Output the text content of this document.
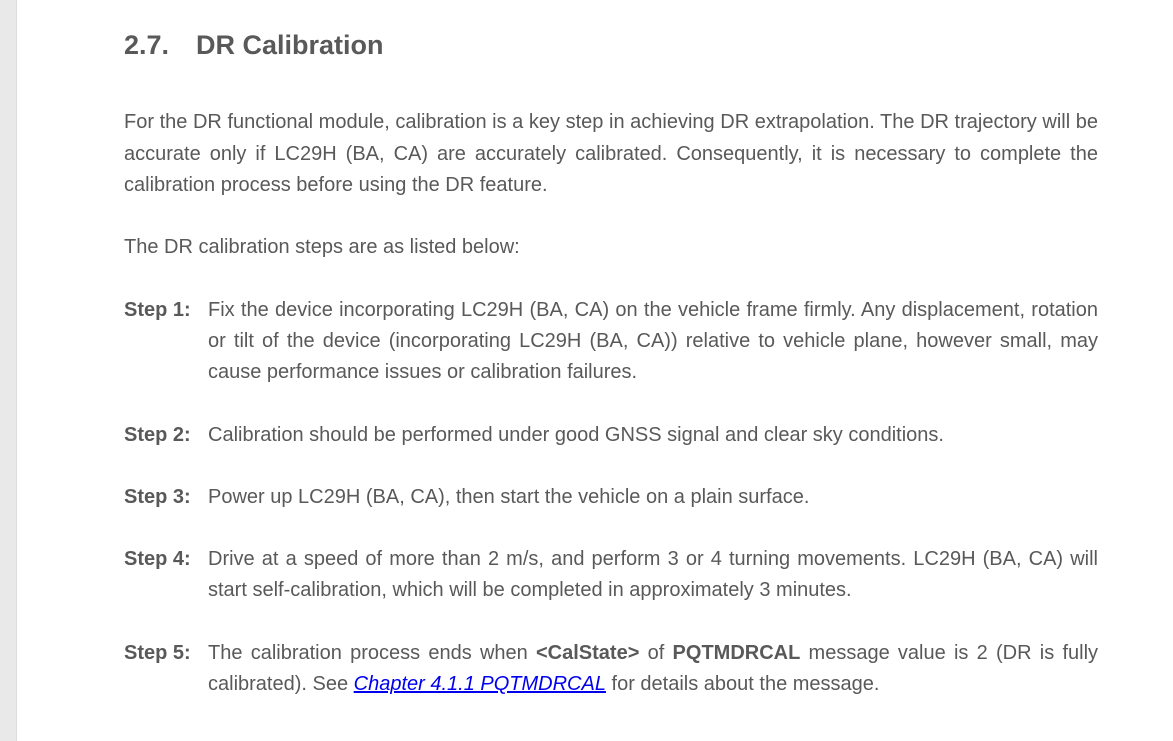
2.7. DR Calibration

For the DR functional module, calibration is a key step in achieving DR extrapolation. The DR trajectory will be accurate only if LC29H (BA, CA) are accurately calibrated. Consequently, it is necessary to complete the calibration process before using the DR feature.

The DR calibration steps are as listed below:

Step 1: Fix the device incorporating LC29H (BA, CA) on the vehicle frame firmly. Any displacement, rotation or tilt of the device (incorporating LC29H (BA, CA)) relative to vehicle plane, however small, may cause performance issues or calibration failures.
Step 2: Calibration should be performed under good GNSS signal and clear sky conditions.
Step 3: Power up LC29H (BA, CA), then start the vehicle on a plain surface.
Step 4: Drive at a speed of more than 2 m/s, and perform 3 or 4 turning movements. LC29H (BA, CA) will start self-calibration, which will be completed in approximately 3 minutes.
Step 5: The calibration process ends when <CalState> of PQTMDRCAL message value is 2 (DR is fully calibrated). See Chapter 4.1.1 PQTMDRCAL for details about the message.
